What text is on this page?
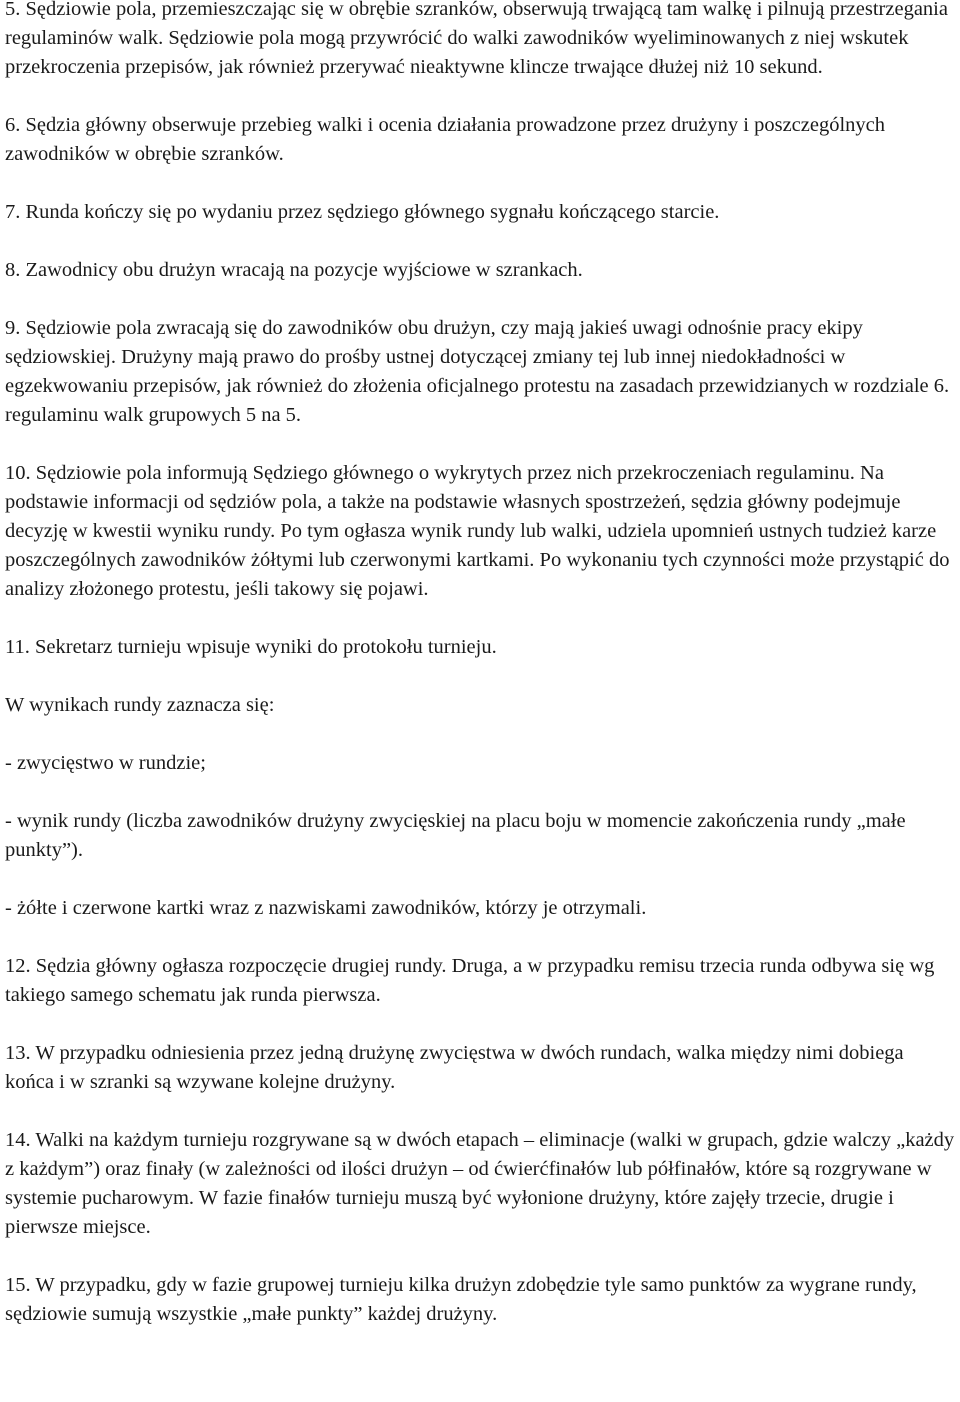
5. Sędziowie pola, przemieszczając się w obrębie szranków, obserwują trwającą tam walkę i pilnują przestrzegania regulaminów walk. Sędziowie pola mogą przywrócić do walki zawodników wyeliminowanych z niej wskutek przekroczenia przepisów, jak również przerywać nieaktywne klincze trwające dłużej niż 10 sekund.

6. Sędzia główny obserwuje przebieg walki i ocenia działania prowadzone przez drużyny i poszczególnych zawodników w obrębie szranków.

7. Runda kończy się po wydaniu przez sędziego głównego sygnału kończącego starcie.

8. Zawodnicy obu drużyn wracają na pozycje wyjściowe w szrankach.

9. Sędziowie pola zwracają się do zawodników obu drużyn, czy mają jakieś uwagi odnośnie pracy ekipy sędziowskiej. Drużyny mają prawo do prośby ustnej dotyczącej zmiany tej lub innej niedokładności w egzekwowaniu przepisów, jak również do złożenia oficjalnego protestu na zasadach przewidzianych w rozdziale 6. regulaminu walk grupowych 5 na 5.

10. Sędziowie pola informują Sędziego głównego o wykrytych przez nich przekroczeniach regulaminu. Na podstawie informacji od sędziów pola, a także na podstawie własnych spostrzeżeń, sędzia główny podejmuje decyzję w kwestii wyniku rundy. Po tym ogłasza wynik rundy lub walki, udziela upomnień ustnych tudzież karze poszczególnych zawodników żółtymi lub czerwonymi kartkami. Po wykonaniu tych czynności może przystąpić do analizy złożonego protestu, jeśli takowy się pojawi.

11. Sekretarz turnieju wpisuje wyniki do protokołu turnieju.

W wynikach rundy zaznacza się:

- zwycięstwo w rundzie;

- wynik rundy (liczba zawodników drużyny zwycięskiej na placu boju w momencie zakończenia rundy „małe punkty”).

- żółte i czerwone kartki wraz z nazwiskami zawodników, którzy je otrzymali.

12. Sędzia główny ogłasza rozpoczęcie drugiej rundy. Druga, a w przypadku remisu trzecia runda odbywa się wg takiego samego schematu jak runda pierwsza.

13. W przypadku odniesienia przez jedną drużynę zwycięstwa w dwóch rundach, walka między nimi dobiega końca i w szranki są wzywane kolejne drużyny.

14. Walki na każdym turnieju rozgrywane są w dwóch etapach – eliminacje (walki w grupach, gdzie walczy „każdy z każdym”) oraz finały (w zależności od ilości drużyn – od ćwierćfinałów lub półfinałów, które są rozgrywane w systemie pucharowym. W fazie finałów turnieju muszą być wyłonione drużyny, które zajęły trzecie, drugie i pierwsze miejsce.

15. W przypadku, gdy w fazie grupowej turnieju kilka drużyn zdobędzie tyle samo punktów za wygrane rundy, sędziowie sumują wszystkie „małe punkty” każdej drużyny.
